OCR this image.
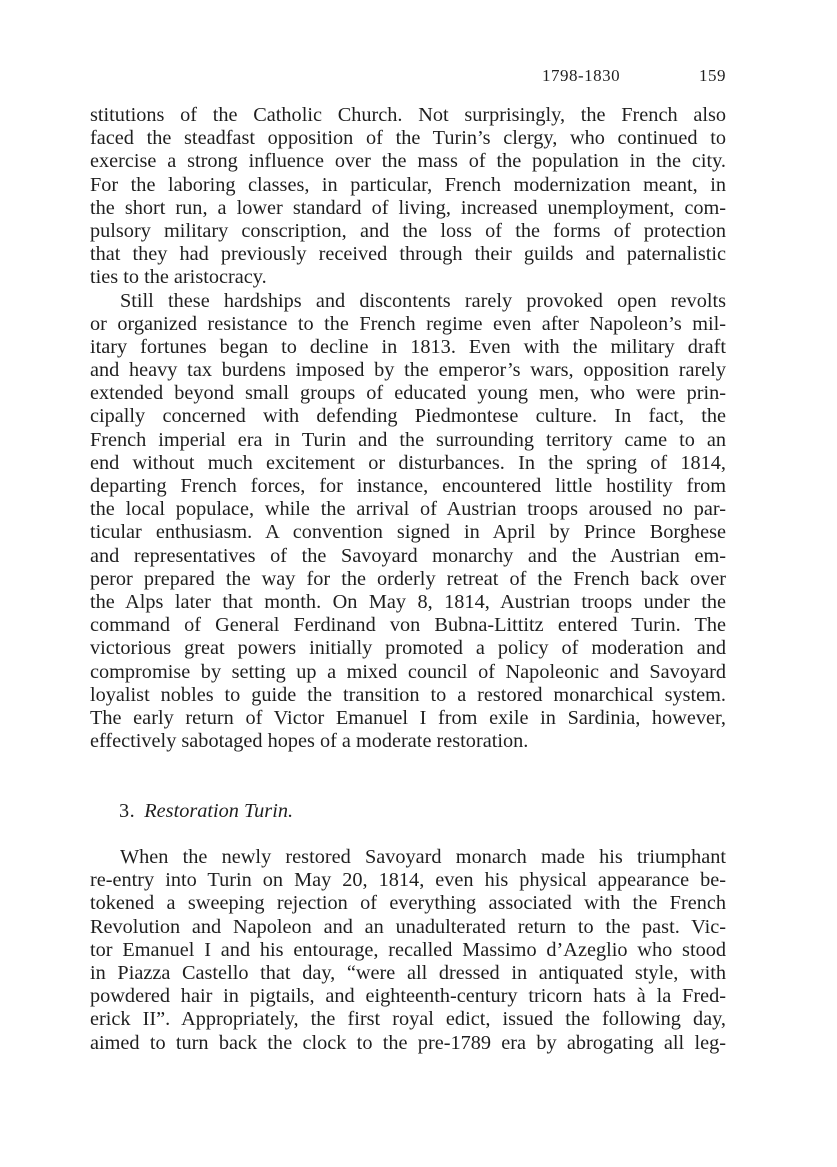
1798-1830	159
stitutions of the Catholic Church. Not surprisingly, the French also
faced the steadfast opposition of the Turin’s clergy, who continued to
exercise a strong influence over the mass of the population in the city.
For the laboring classes, in particular, French modernization meant, in
the short run, a lower standard of living, increased unemployment, com-
pulsory military conscription, and the loss of the forms of protection
that they had previously received through their guilds and paternalistic
ties to the aristocracy.
Still these hardships and discontents rarely provoked open revolts
or organized resistance to the French regime even after Napoleon’s mil-
itary fortunes began to decline in 1813. Even with the military draft
and heavy tax burdens imposed by the emperor’s wars, opposition rarely
extended beyond small groups of educated young men, who were prin-
cipally concerned with defending Piedmontese culture. In fact, the
French imperial era in Turin and the surrounding territory came to an
end without much excitement or disturbances. In the spring of 1814,
departing French forces, for instance, encountered little hostility from
the local populace, while the arrival of Austrian troops aroused no par-
ticular enthusiasm. A convention signed in April by Prince Borghese
and representatives of the Savoyard monarchy and the Austrian em-
peror prepared the way for the orderly retreat of the French back over
the Alps later that month. On May 8, 1814, Austrian troops under the
command of General Ferdinand von Bubna-Littitz entered Turin. The
victorious great powers initially promoted a policy of moderation and
compromise by setting up a mixed council of Napoleonic and Savoyard
loyalist nobles to guide the transition to a restored monarchical system.
The early return of Victor Emanuel I from exile in Sardinia, however,
effectively sabotaged hopes of a moderate restoration.
3. Restoration Turin.
When the newly restored Savoyard monarch made his triumphant
re-entry into Turin on May 20, 1814, even his physical appearance be-
tokened a sweeping rejection of everything associated with the French
Revolution and Napoleon and an unadulterated return to the past. Vic-
tor Emanuel I and his entourage, recalled Massimo d’Azeglio who stood
in Piazza Castello that day, “were all dressed in antiquated style, with
powdered hair in pigtails, and eighteenth-century tricorn hats à la Fred-
erick II”. Appropriately, the first royal edict, issued the following day,
aimed to turn back the clock to the pre-1789 era by abrogating all leg-
